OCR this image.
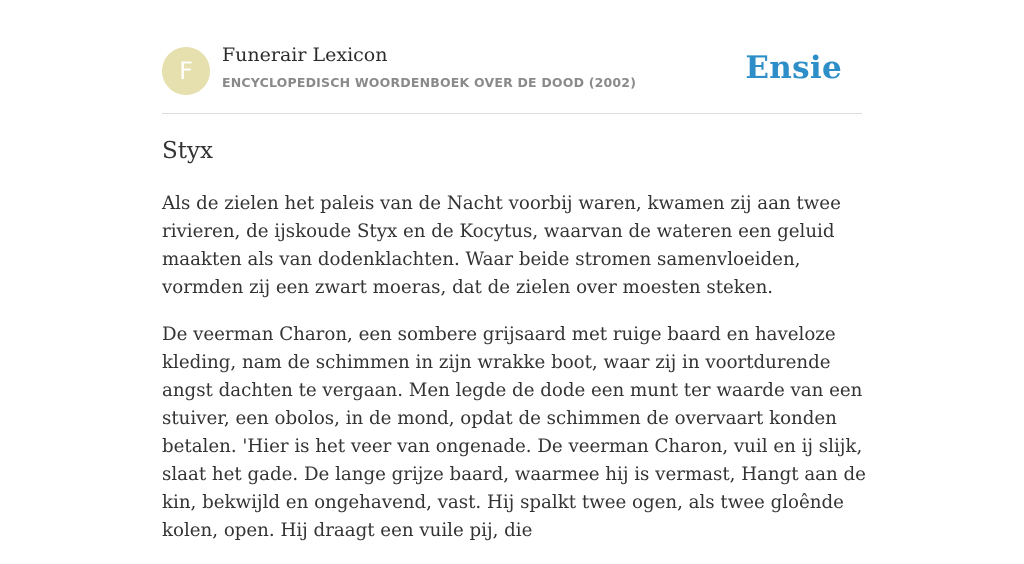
F
Funerair Lexicon
ENCYCLOPEDISCH WOORDENBOEK OVER DE DOOD (2002)	Ensie
Styx

Als de zielen het paleis van de Nacht voorbij waren, kwamen zij aan twee rivieren, de ijskoude Styx en de Kocytus, waarvan de wateren een geluid maakten als van dodenklachten. Waar beide stromen samenvloeiden, vormden zij een zwart moeras, dat de zielen over moesten steken.

De veerman Charon, een sombere grijsaard met ruige baard en haveloze kleding, nam de schimmen in zijn wrakke boot, waar zij in voortdurende angst dachten te vergaan. Men legde de dode een munt ter waarde van een stuiver, een obolos, in de mond, opdat de schimmen de overvaart konden betalen. 'Hier is het veer van ongenade. De veerman Charon, vuil en ij slijk, slaat het gade. De lange grijze baard, waarmee hij is vermast, Hangt aan de kin, bekwijld en ongehavend, vast. Hij spalkt twee ogen, als twee gloênde kolen, open. Hij draagt een vuile pij, die
